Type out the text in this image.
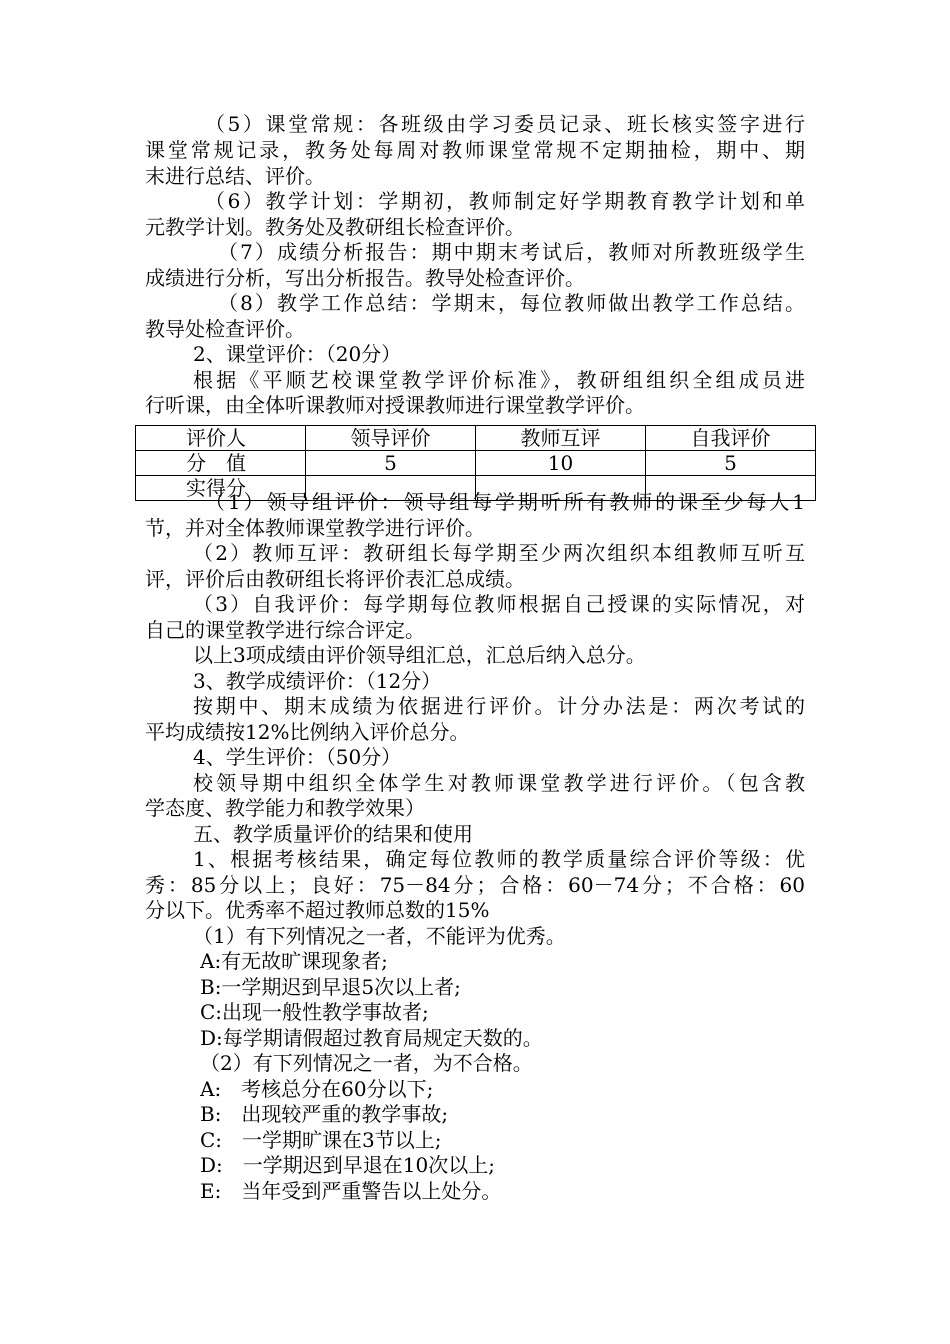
（5）课堂常规：各班级由学习委员记录、班长核实签字进行
课堂常规记录，教务处每周对教师课堂常规不定期抽检，期中、期
末进行总结、评价。
（6）教学计划：学期初，教师制定好学期教育教学计划和单
元教学计划。教务处及教研组长检查评价。
（7）成绩分析报告：期中期末考试后，教师对所教班级学生
成绩进行分析，写出分析报告。教导处检查评价。
（8）教学工作总结：学期末，每位教师做出教学工作总结。
教导处检查评价。
2、课堂评价：（20分）
根据《平顺艺校课堂教学评价标准》，教研组组织全组成员进
行听课，由全体听课教师对授课教师进行课堂教学评价。
（1）领导组评价：领导组每学期听所有教师的课至少每人1
节，并对全体教师课堂教学进行评价。
（2）教师互评：教研组长每学期至少两次组织本组教师互听互
评，评价后由教研组长将评价表汇总成绩。
（3）自我评价：每学期每位教师根据自己授课的实际情况，对
自己的课堂教学进行综合评定。
以上3项成绩由评价领导组汇总，汇总后纳入总分。
3、教学成绩评价：（12分）
按期中、期末成绩为依据进行评价。计分办法是：两次考试的
平均成绩按12%比例纳入评价总分。
4、学生评价：（50分）
校领导期中组织全体学生对教师课堂教学进行评价。（包含教
学态度、教学能力和教学效果）
五、教学质量评价的结果和使用
1、根据考核结果，确定每位教师的教学质量综合评价等级：优
秀：85分以上；良好：75－84分；合格：60－74分；不合格：60
分以下。优秀率不超过教师总数的15%
（1）有下列情况之一者，不能评为优秀。
A:有无故旷课现象者;
B:一学期迟到早退5次以上者;
C:出现一般性教学事故者;
D:每学期请假超过教育局规定天数的。
（2）有下列情况之一者，为不合格。
A:　考核总分在60分以下;
B:　出现较严重的教学事故;
C:　一学期旷课在3节以上;
D:　一学期迟到早退在10次以上;
E:　当年受到严重警告以上处分。
评价人	领导评价	教师互评	自我评价
分　值	5	10	5
实得分			
